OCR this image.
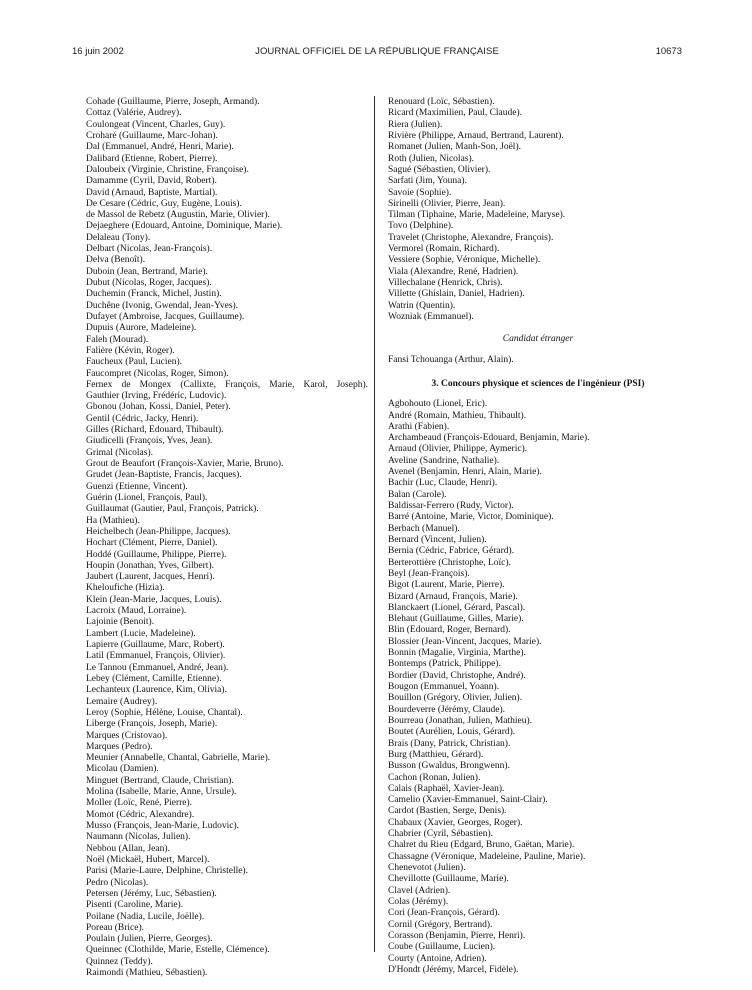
16 juin 2002	JOURNAL OFFICIEL DE LA RÉPUBLIQUE FRANÇAISE	10673
Cohade (Guillaume, Pierre, Joseph, Armand).
Cottaz (Valérie, Audrey).
Coulongeat (Vincent, Charles, Guy).
Croharé (Guillaume, Marc-Johan).
Dal (Emmanuel, André, Henri, Marie).
Dalibard (Etienne, Robert, Pierre).
Daloubeix (Virginie, Christine, Françoise).
Damamme (Cyril, David, Robert).
David (Arnaud, Baptiste, Martial).
De Cesare (Cédric, Guy, Eugène, Louis).
de Massol de Rebetz (Augustin, Marie, Olivier).
Dejaeghere (Edouard, Antoine, Dominique, Marie).
Delaleau (Tony).
Delbart (Nicolas, Jean-François).
Delva (Benoît).
Duboin (Jean, Bertrand, Marie).
Dubut (Nicolas, Roger, Jacques).
Duchemin (Franck, Michel, Justin).
Duchêne (Ivonig, Gwendal, Jean-Yves).
Dufayet (Ambroise, Jacques, Guillaume).
Dupuis (Aurore, Madeleine).
Faleh (Mourad).
Falière (Kévin, Roger).
Faucheux (Paul, Lucien).
Faucompret (Nicolas, Roger, Simon).
Fernex de Mongex (Callixte, François, Marie, Karol, Joseph).
Gauthier (Irving, Frédéric, Ludovic).
Gbonou (Johan, Kossi, Daniel, Peter).
Gentil (Cédric, Jacky, Henri).
Gilles (Richard, Edouard, Thibault).
Giudicelli (François, Yves, Jean).
Grimal (Nicolas).
Grout de Beaufort (François-Xavier, Marie, Bruno).
Grudet (Jean-Baptiste, Francis, Jacques).
Guenzi (Etienne, Vincent).
Guérin (Lionel, François, Paul).
Guillaumat (Gautier, Paul, François, Patrick).
Ha (Mathieu).
Heichelbech (Jean-Philippe, Jacques).
Hochart (Clément, Pierre, Daniel).
Hoddé (Guillaume, Philippe, Pierre).
Houpin (Jonathan, Yves, Gilbert).
Jaubert (Laurent, Jacques, Henri).
Kheloufiche (Hizia).
Klein (Jean-Marie, Jacques, Louis).
Lacroix (Maud, Lorraine).
Lajoinie (Benoit).
Lambert (Lucie, Madeleine).
Lapierre (Guillaume, Marc, Robert).
Latil (Emmanuel, François, Olivier).
Le Tannou (Emmanuel, André, Jean).
Lebey (Clément, Camille, Etienne).
Lechanteux (Laurence, Kim, Olivia).
Lemaire (Audrey).
Leroy (Sophie, Hélène, Louise, Chantal).
Liberge (François, Joseph, Marie).
Marques (Cristovao).
Marques (Pedro).
Meunier (Annabelle, Chantal, Gabrielle, Marie).
Micolau (Damien).
Minguet (Bertrand, Claude, Christian).
Molina (Isabelle, Marie, Anne, Ursule).
Moller (Loïc, René, Pierre).
Momot (Cédric, Alexandre).
Musso (François, Jean-Marie, Ludovic).
Naumann (Nicolas, Julien).
Nebbou (Allan, Jean).
Noël (Mickaël, Hubert, Marcel).
Parisi (Marie-Laure, Delphine, Christelle).
Pedro (Nicolas).
Petersen (Jérémy, Luc, Sébastien).
Pisenti (Caroline, Marie).
Poilane (Nadia, Lucile, Joëlle).
Poreau (Brice).
Poulain (Julien, Pierre, Georges).
Queinnec (Clothilde, Marie, Estelle, Clémence).
Quinnez (Teddy).
Raimondi (Mathieu, Sébastien).
Renouard (Loïc, Sébastien).
Ricard (Maximilien, Paul, Claude).
Riera (Julien).
Rivière (Philippe, Arnaud, Bertrand, Laurent).
Romanet (Julien, Manh-Son, Joël).
Roth (Julien, Nicolas).
Sagué (Sébastien, Olivier).
Sarfati (Jim, Youna).
Savoie (Sophie).
Sirinelli (Olivier, Pierre, Jean).
Tilman (Tiphaine, Marie, Madeleine, Maryse).
Tovo (Delphine).
Travelet (Christophe, Alexandre, François).
Vermorel (Romain, Richard).
Vessiere (Sophie, Véronique, Michelle).
Viala (Alexandre, René, Hadrien).
Villechalane (Henrick, Chris).
Villette (Ghislain, Daniel, Hadrien).
Watrin (Quentin).
Wozniak (Emmanuel).
Candidat étranger
Fansi Tchouanga (Arthur, Alain).
3. Concours physique et sciences de l'ingénieur (PSI)
Agbohouto (Lionel, Eric).
André (Romain, Mathieu, Thibault).
Arathi (Fabien).
Archambeaud (François-Edouard, Benjamin, Marie).
Arnaud (Olivier, Philippe, Aymeric).
Aveline (Sandrine, Nathalie).
Avenel (Benjamin, Henri, Alain, Marie).
Bachir (Luc, Claude, Henri).
Balan (Carole).
Baldissar-Ferrero (Rudy, Victor).
Barré (Antoine, Marie, Victor, Dominique).
Berbach (Manuel).
Bernard (Vincent, Julien).
Bernia (Cédric, Fabrice, Gérard).
Berterottière (Christophe, Loïc).
Beyl (Jean-François).
Bigot (Laurent, Marie, Pierre).
Bizard (Arnaud, François, Marie).
Blanckaert (Lionel, Gérard, Pascal).
Blehaut (Guillaume, Gilles, Marie).
Blin (Edouard, Roger, Bernard).
Blossier (Jean-Vincent, Jacques, Marie).
Bonnin (Magalie, Virginia, Marthe).
Bontemps (Patrick, Philippe).
Bordier (David, Christophe, André).
Bougon (Emmanuel, Yoann).
Bouillon (Grégory, Olivier, Julien).
Bourdeverre (Jérémy, Claude).
Bourreau (Jonathan, Julien, Mathieu).
Boutet (Aurélien, Louis, Gérard).
Brais (Dany, Patrick, Christian).
Burg (Matthieu, Gérard).
Busson (Gwaldus, Brongwenn).
Cachon (Ronan, Julien).
Calais (Raphaël, Xavier-Jean).
Camelio (Xavier-Emmanuel, Saint-Clair).
Cardot (Bastien, Serge, Denis).
Chabaux (Xavier, Georges, Roger).
Chabrier (Cyril, Sébastien).
Chalret du Rieu (Edgard, Bruno, Gaëtan, Marie).
Chassagne (Véronique, Madeleine, Pauline, Marie).
Chenevotot (Julien).
Chevillotte (Guillaume, Marie).
Clavel (Adrien).
Colas (Jérémy).
Cori (Jean-François, Gérard).
Cornil (Grégory, Bertrand).
Corasson (Benjamin, Pierre, Henri).
Coube (Guillaume, Lucien).
Courty (Antoine, Adrien).
D'Hondt (Jérémy, Marcel, Fidèle).
